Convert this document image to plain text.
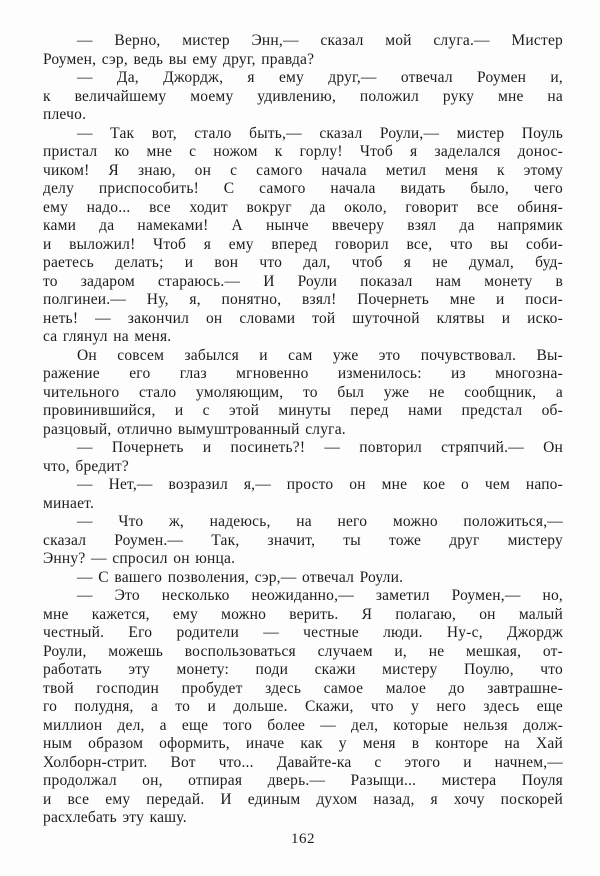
— Верно, мистер Энн,— сказал мой слуга.— Мистер
Роумен, сэр, ведь вы ему друг, правда?

— Да, Джордж, я ему друг,— отвечал Роумен и,
к величайшему моему удивлению, положил руку мне на
плечо.

— Так вот, стало быть,— сказал Роули,— мистер Поуль
пристал ко мне с ножом к горлу! Чтоб я заделался донос-
чиком! Я знаю, он с самого начала метил меня к этому
делу приспособить! С самого начала видать было, чего
ему надо... все ходит вокруг да около, говорит все обиня-
ками да намеками! А нынче ввечеру взял да напрямик
и выложил! Чтоб я ему вперед говорил все, что вы соби-
раетесь делать; и вон что дал, чтоб я не думал, буд-
то задаром стараюсь.— И Роули показал нам монету в
полгинеи.— Ну, я, понятно, взял! Почернеть мне и поси-
неть! — закончил он словами той шуточной клятвы и иско-
са глянул на меня.

Он совсем забылся и сам уже это почувствовал. Вы-
ражение его глаз мгновенно изменилось: из многозна-
чительного стало умоляющим, то был уже не сообщник, а
провинившийся, и с этой минуты перед нами предстал об-
разцовый, отлично вымуштрованный слуга.

— Почернеть и посинеть?! — повторил стряпчий.— Он
что, бредит?

— Нет,— возразил я,— просто он мне кое о чем напо-
минает.

— Что ж, надеюсь, на него можно положиться,—
сказал Роумен.— Так, значит, ты тоже друг мистеру
Энну? — спросил он юнца.

— С вашего позволения, сэр,— отвечал Роули.

— Это несколько неожиданно,— заметил Роумен,— но,
мне кажется, ему можно верить. Я полагаю, он малый
честный. Его родители — честные люди. Ну-с, Джордж
Роули, можешь воспользоваться случаем и, не мешкая, от-
работать эту монету: поди скажи мистеру Поулю, что
твой господин пробудет здесь самое малое до завтрашне-
го полудня, а то и дольше. Скажи, что у него здесь еще
миллион дел, а еще того более — дел, которые нельзя долж-
ным образом оформить, иначе как у меня в конторе на Хай
Холборн-стрит. Вот что... Давайте-ка с этого и начнем,—
продолжал он, отпирая дверь.— Разыщи... мистера Поуля
и все ему передай. И единым духом назад, я хочу поскорей
расхлебать эту кашу.

162
